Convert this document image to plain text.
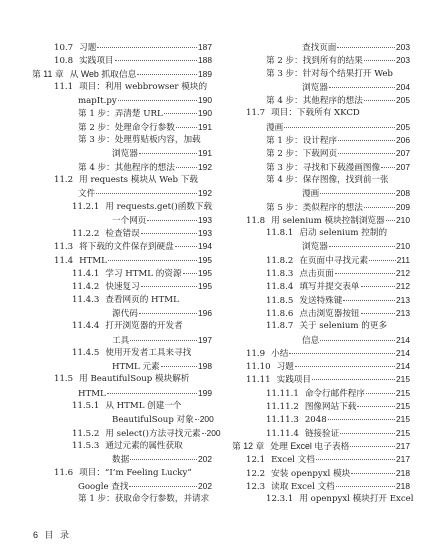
10.7 习题	187
10.8 实践项目	188
第 11 章 从 Web 抓取信息	189
11.1 项目：利用 webbrowser 模块的
mapIt.py	190
第 1 步：弄清楚 URL	190
第 2 步：处理命令行参数	191
第 3 步：处理剪贴板内容，加载
浏览器	191
第 4 步：其他程序的想法	192
11.2 用 requests 模块从 Web 下载
文件	192
11.2.1 用 requests.get()函数下载
一个网页	193
11.2.2 检查错误	193
11.3 将下载的文件保存到硬盘	194
11.4 HTML	195
11.4.1 学习 HTML 的资源 195
11.4.2 快速复习	195
11.4.3 查看网页的 HTML
源代码	196
11.4.4 打开浏览器的开发者
工具	197
11.4.5 使用开发者工具来寻找
HTML 元素	198
11.5 用 BeautifulSoup 模块解析
HTML	199
11.5.1 从 HTML 创建一个
BeautifulSoup 对象 200
11.5.2 用 select()方法寻找元素 200
11.5.3 通过元素的属性获取
数据	202
11.6 项目：“I’m Feeling Lucky”
Google 查找	202
第 1 步：获取命令行参数，并请求
查找页面	203
第 2 步：找到所有的结果	203
第 3 步：针对每个结果打开 Web
浏览器	204
第 4 步：其他程序的想法	205
11.7 项目：下载所有 XKCD
漫画	205
第 1 步：设计程序	206
第 2 步：下载网页	207
第 3 步：寻找和下载漫画图像 207
第 4 步：保存图像，找到前一张
漫画	208
第 5 步：类似程序的想法	209
11.8 用 selenium 模块控制浏览器 210
11.8.1 启动 selenium 控制的
浏览器	210
11.8.2 在页面中寻找元素	211
11.8.3 点击页面	212
11.8.4 填写并提交表单	212
11.8.5 发送特殊键	213
11.8.6 点击浏览器按钮	213
11.8.7 关于 selenium 的更多
信息	214
11.9 小结	214
11.10 习题	214
11.11 实践项目	215
11.11.1 命令行邮件程序	215
11.11.2 图像网站下载	215
11.11.3 2048	215
11.11.4 链接验证	215
第 12 章 处理 Excel 电子表格	217
12.1 Excel 文档	217
12.2 安装 openpyxl 模块	218
12.3 读取 Excel 文档	218
12.3.1 用 openpyxl 模块打开 Excel
6 目 录
